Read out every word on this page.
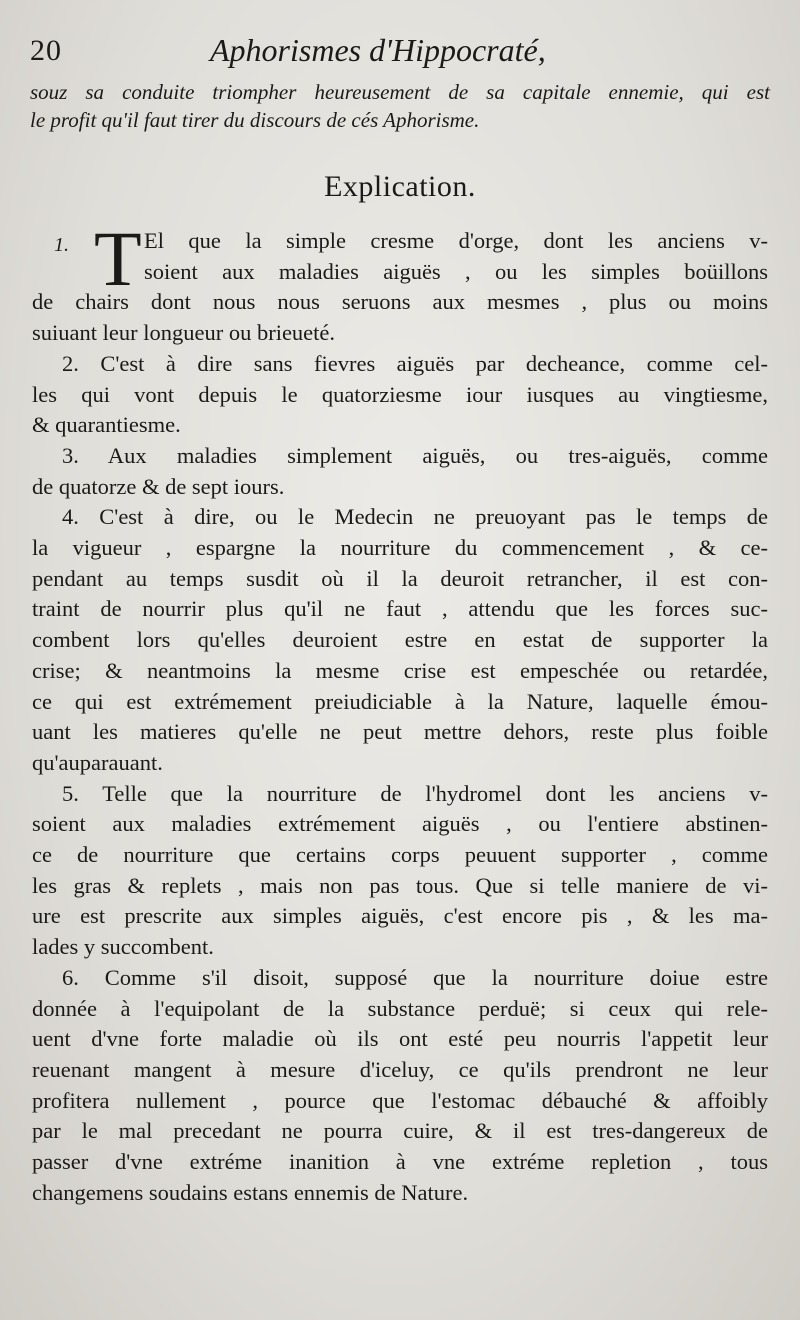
20	Aphorismes d'Hippocraté,
souz sa conduite triompher heureusement de sa capitale ennemie, qui est
le profit qu'il faut tirer du discours de cés Aphorisme.
Explication.
1. T El que la simple cresme d'orge, dont les anciens v-
soient aux maladies aiguës , ou les simples boüillons
de chairs dont nous nous seruons aux mesmes , plus ou moins
suiuant leur longueur ou brieueté.
2. C'est à dire sans fievres aiguës par decheance, comme cel-
les qui vont depuis le quatorziesme iour iusques au vingtiesme,
& quarantiesme.
3. Aux maladies simplement aiguës, ou tres-aiguës, comme
de quatorze & de sept iours.
4. C'est à dire, ou le Medecin ne preuoyant pas le temps de
la vigueur , espargne la nourriture du commencement , & ce-
pendant au temps susdit où il la deuroit retrancher, il est con-
traint de nourrir plus qu'il ne faut , attendu que les forces suc-
combent lors qu'elles deuroient estre en estat de supporter la
crise; & neantmoins la mesme crise est empeschée ou retardée,
ce qui est extrémement preiudiciable à la Nature, laquelle émou-
uant les matieres qu'elle ne peut mettre dehors, reste plus foible
qu'auparauant.
5. Telle que la nourriture de l'hydromel dont les anciens v-
soient aux maladies extrémement aiguës , ou l'entiere abstinen-
ce de nourriture que certains corps peuuent supporter , comme
les gras & replets , mais non pas tous. Que si telle maniere de vi-
ure est prescrite aux simples aiguës, c'est encore pis , & les ma-
lades y succombent.
6. Comme s'il disoit, supposé que la nourriture doiue estre
donnée à l'equipolant de la substance perduë; si ceux qui rele-
uent d'vne forte maladie où ils ont esté peu nourris l'appetit leur
reuenant mangent à mesure d'iceluy, ce qu'ils prendront ne leur
profitera nullement , pource que l'estomac débauché & affoibly
par le mal precedant ne pourra cuire, & il est tres-dangereux de
passer d'vne extréme inanition à vne extréme repletion , tous
changemens soudains estans ennemis de Nature.
